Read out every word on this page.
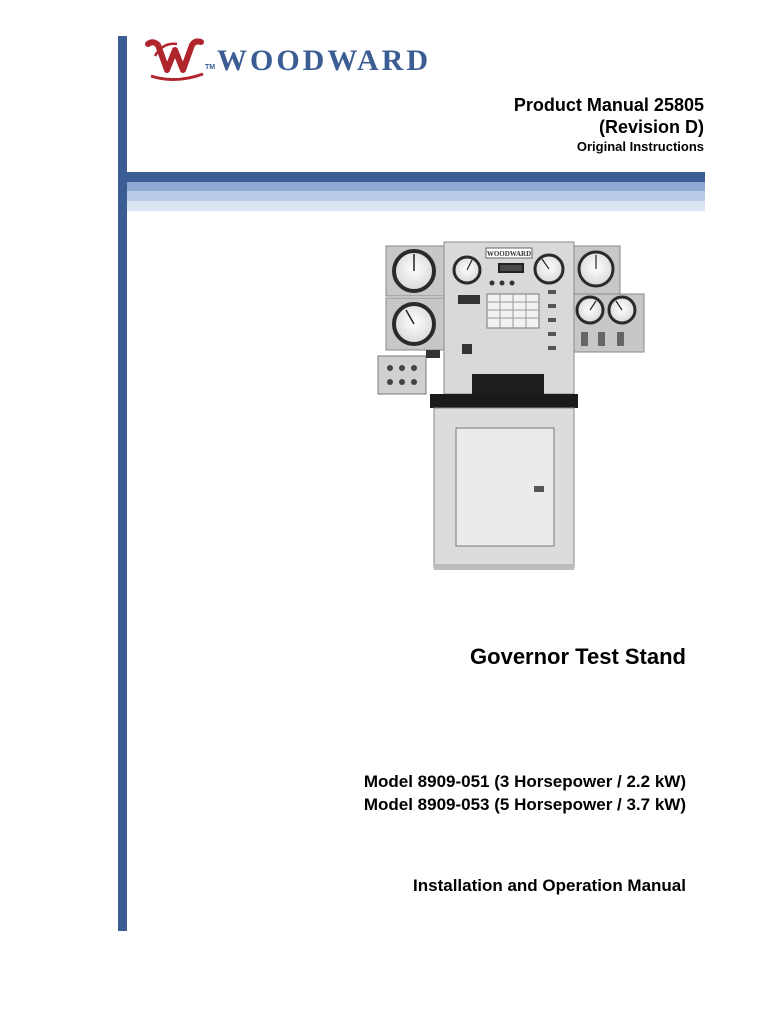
TM WOODWARD
Product Manual 25805
(Revision D)
Original Instructions
WOODWARD
Governor Test Stand
Model 8909-051 (3 Horsepower / 2.2 kW)
Model 8909-053 (5 Horsepower / 3.7 kW)
Installation and Operation Manual
